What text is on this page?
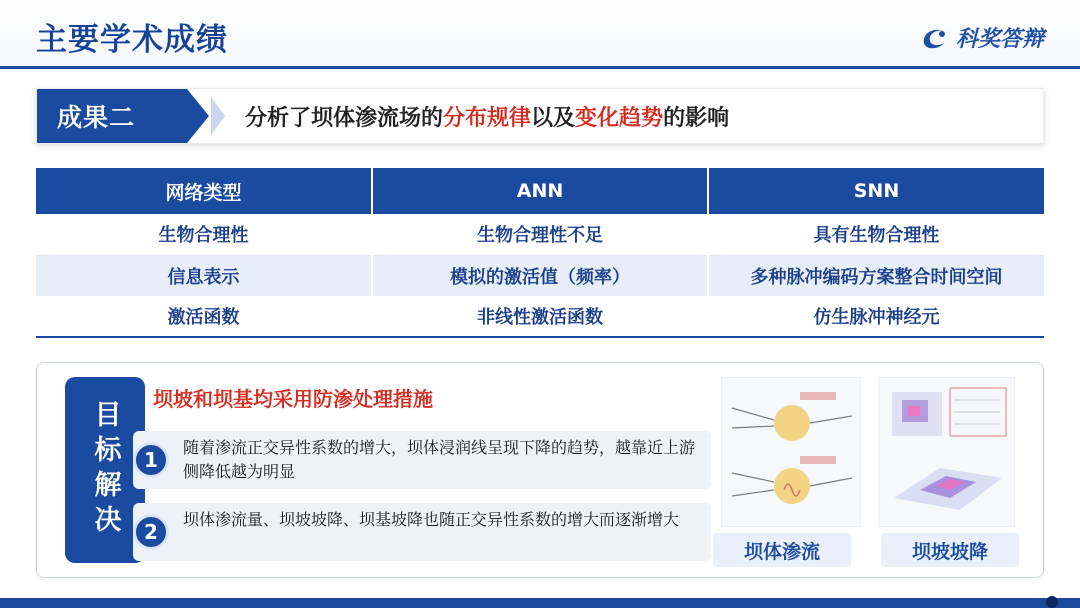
主要学术成绩	科奖答辩
成果二	分析了坝体渗流场的分布规律以及变化趋势的影响
网络类型	ANN	SNN
生物合理性	生物合理性不足	具有生物合理性
信息表示	模拟的激活值（频率）	多种脉冲编码方案整合时间空间
激活函数	非线性激活函数	仿生脉冲神经元
目标解决
坝坡和坝基均采用防渗处理措施
1
随着渗流正交异性系数的增大，坝体浸润线呈现下降的趋势，越靠近上游侧降低越为明显
2
坝体渗流量、坝坡坡降、坝基坡降也随正交异性系数的增大而逐渐增大
坝体渗流	坝坡坡降
